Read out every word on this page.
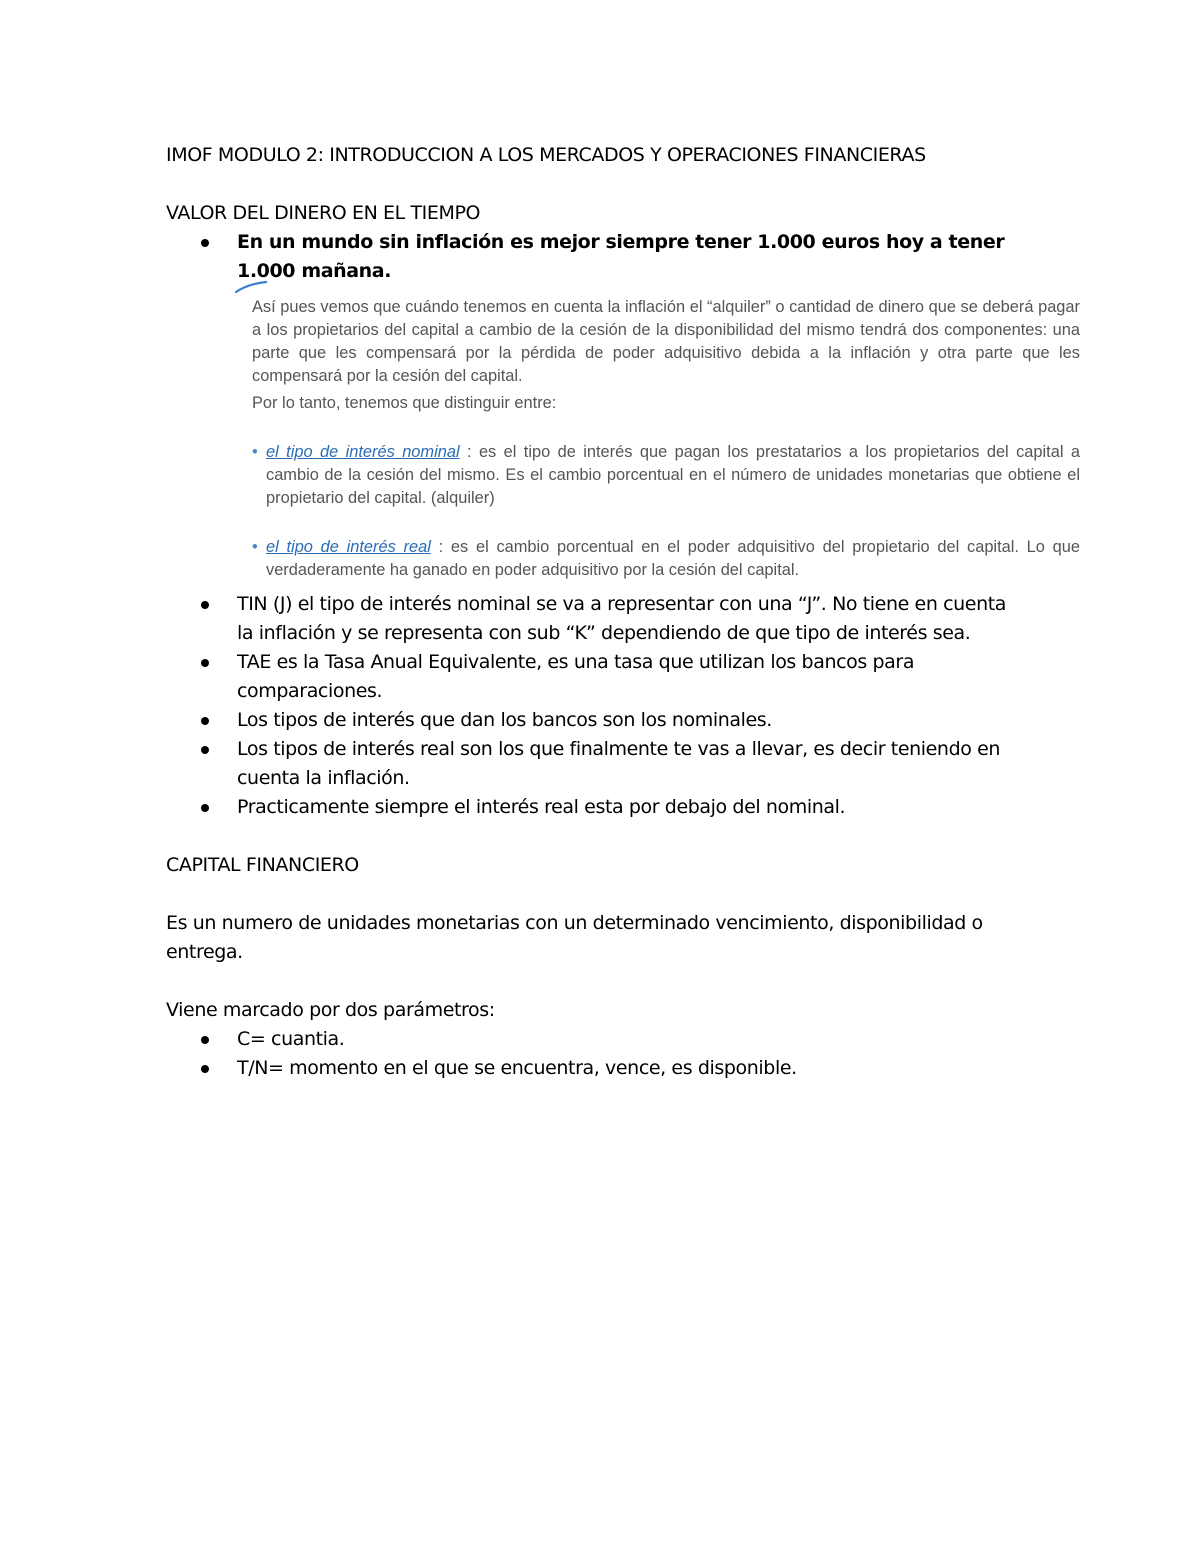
IMOF MODULO 2: INTRODUCCION A LOS MERCADOS Y OPERACIONES FINANCIERAS

VALOR DEL DINERO EN EL TIEMPO

En un mundo sin inflación es mejor siempre tener 1.000 euros hoy a tener 1.000 mañana.

Así pues vemos que cuándo tenemos en cuenta la inflación el “alquiler” o cantidad de dinero que se deberá pagar a los propietarios del capital a cambio de la cesión de la disponibilidad del mismo tendrá dos componentes: una parte que les compensará por la pérdida de poder adquisitivo debida a la inflación y otra parte que les compensará por la cesión del capital.

Por lo tanto, tenemos que distinguir entre:

• el tipo de interés nominal : es el tipo de interés que pagan los prestatarios a los propietarios del capital a cambio de la cesión del mismo. Es el cambio porcentual en el número de unidades monetarias que obtiene el propietario del capital. (alquiler)
• el tipo de interés real : es el cambio porcentual en el poder adquisitivo del propietario del capital. Lo que verdaderamente ha ganado en poder adquisitivo por la cesión del capital.
TIN (J) el tipo de interés nominal se va a representar con una “J”. No tiene en cuenta la inflación y se representa con sub “K” dependiendo de que tipo de interés sea.
TAE es la Tasa Anual Equivalente, es una tasa que utilizan los bancos para comparaciones.
Los tipos de interés que dan los bancos son los nominales.
Los tipos de interés real son los que finalmente te vas a llevar, es decir teniendo en cuenta la inflación.
Practicamente siempre el interés real esta por debajo del nominal.

CAPITAL FINANCIERO

Es un numero de unidades monetarias con un determinado vencimiento, disponibilidad o entrega.

Viene marcado por dos parámetros:

C= cuantia.
T/N= momento en el que se encuentra, vence, es disponible.
